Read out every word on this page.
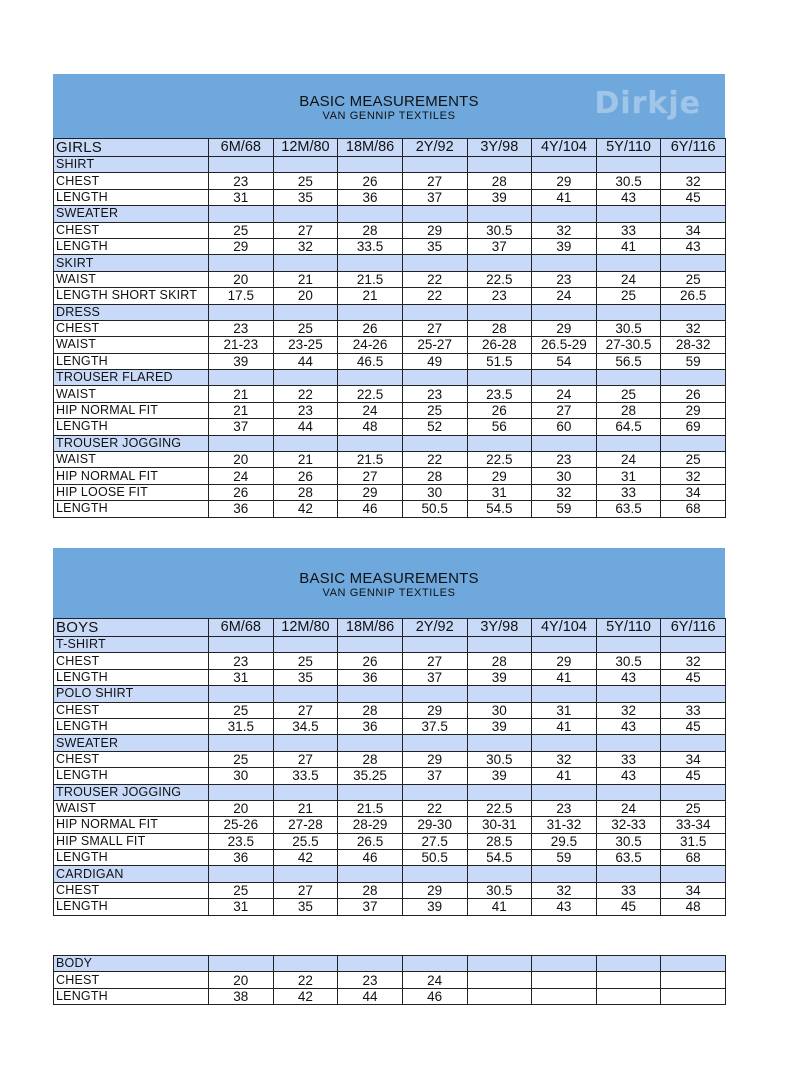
BASIC MEASUREMENTS
VAN GENNIP TEXTILES	Dirkje
GIRLS	6M/68	12M/80	18M/86	2Y/92	3Y/98	4Y/104	5Y/110	6Y/116
SHIRT								
CHEST	23	25	26	27	28	29	30.5	32
LENGTH	31	35	36	37	39	41	43	45
SWEATER								
CHEST	25	27	28	29	30.5	32	33	34
LENGTH	29	32	33.5	35	37	39	41	43
SKIRT								
WAIST	20	21	21.5	22	22.5	23	24	25
LENGTH SHORT SKIRT	17.5	20	21	22	23	24	25	26.5
DRESS								
CHEST	23	25	26	27	28	29	30.5	32
WAIST	21-23	23-25	24-26	25-27	26-28	26.5-29	27-30.5	28-32
LENGTH	39	44	46.5	49	51.5	54	56.5	59
TROUSER FLARED								
WAIST	21	22	22.5	23	23.5	24	25	26
HIP NORMAL FIT	21	23	24	25	26	27	28	29
LENGTH	37	44	48	52	56	60	64.5	69
TROUSER JOGGING								
WAIST	20	21	21.5	22	22.5	23	24	25
HIP NORMAL FIT	24	26	27	28	29	30	31	32
HIP LOOSE FIT	26	28	29	30	31	32	33	34
LENGTH	36	42	46	50.5	54.5	59	63.5	68
BASIC MEASUREMENTS
VAN GENNIP TEXTILES
BOYS	6M/68	12M/80	18M/86	2Y/92	3Y/98	4Y/104	5Y/110	6Y/116
T-SHIRT								
CHEST	23	25	26	27	28	29	30.5	32
LENGTH	31	35	36	37	39	41	43	45
POLO SHIRT								
CHEST	25	27	28	29	30	31	32	33
LENGTH	31.5	34.5	36	37.5	39	41	43	45
SWEATER								
CHEST	25	27	28	29	30.5	32	33	34
LENGTH	30	33.5	35.25	37	39	41	43	45
TROUSER JOGGING								
WAIST	20	21	21.5	22	22.5	23	24	25
HIP NORMAL FIT	25-26	27-28	28-29	29-30	30-31	31-32	32-33	33-34
HIP SMALL FIT	23.5	25.5	26.5	27.5	28.5	29.5	30.5	31.5
LENGTH	36	42	46	50.5	54.5	59	63.5	68
CARDIGAN								
CHEST	25	27	28	29	30.5	32	33	34
LENGTH	31	35	37	39	41	43	45	48
BODY								
CHEST	20	22	23	24				
LENGTH	38	42	44	46				
